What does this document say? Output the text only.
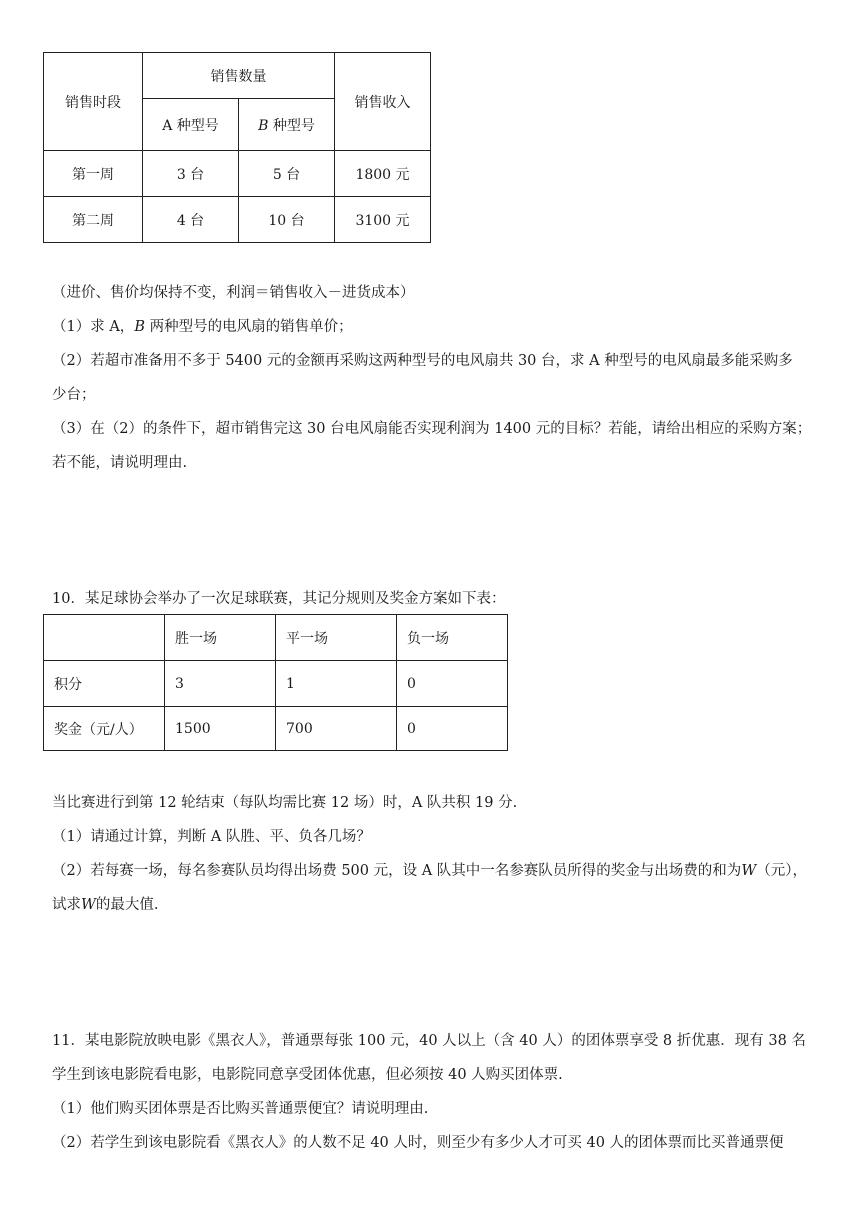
销售时段	销售数量		销售收入
	A 种型号	B 种型号	
第一周	3 台	5 台	1800 元
第二周	4 台	10 台	3100 元
（进价、售价均保持不变，利润＝销售收入－进货成本）
（1）求 A，B 两种型号的电风扇的销售单价；
（2）若超市准备用不多于 5400 元的金额再采购这两种型号的电风扇共 30 台，求 A 种型号的电风扇最多能采购多
少台；
（3）在（2）的条件下，超市销售完这 30 台电风扇能否实现利润为 1400 元的目标？若能，请给出相应的采购方案；
若不能，请说明理由.
10．某足球协会举办了一次足球联赛，其记分规则及奖金方案如下表：
	胜一场	平一场	负一场
积分	3	1	0
奖金（元/人）	1500	700	0
当比赛进行到第 12 轮结束（每队均需比赛 12 场）时，A 队共积 19 分.
（1）请通过计算，判断 A 队胜、平、负各几场？
（2）若每赛一场，每名参赛队员均得出场费 500 元，设 A 队其中一名参赛队员所得的奖金与出场费的和为W（元），
试求W的最大值.
11．某电影院放映电影《黑衣人》，普通票每张 100 元，40 人以上（含 40 人）的团体票享受 8 折优惠．现有 38 名
学生到该电影院看电影，电影院同意享受团体优惠，但必须按 40 人购买团体票.
（1）他们购买团体票是否比购买普通票便宜？请说明理由.
（2）若学生到该电影院看《黑衣人》的人数不足 40 人时，则至少有多少人才可买 40 人的团体票而比买普通票便
